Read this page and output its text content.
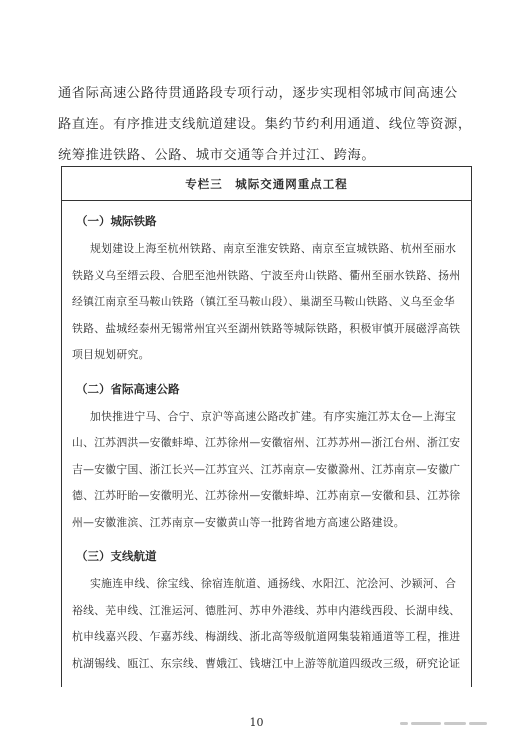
通省际高速公路待贯通路段专项行动，逐步实现相邻城市间高速公

路直连。有序推进支线航道建设。集约节约利用通道、线位等资源，

统筹推进铁路、公路、城市交通等合并过江、跨海。

专栏三　城际交通网重点工程
（一）城际铁路
规划建设上海至杭州铁路、南京至淮安铁路、南京至宣城铁路、杭州至丽水
铁路义乌至缙云段、合肥至池州铁路、宁波至舟山铁路、衢州至丽水铁路、扬州
经镇江南京至马鞍山铁路（镇江至马鞍山段）、巢湖至马鞍山铁路、义乌至金华
铁路、盐城经泰州无锡常州宜兴至湖州铁路等城际铁路，积极审慎开展磁浮高铁
项目规划研究。
（二）省际高速公路
加快推进宁马、合宁、京沪等高速公路改扩建。有序实施江苏太仓—上海宝
山、江苏泗洪—安徽蚌埠、江苏徐州—安徽宿州、江苏苏州—浙江台州、浙江安
吉—安徽宁国、浙江长兴—江苏宜兴、江苏南京—安徽滁州、江苏南京—安徽广
德、江苏盱眙—安徽明光、江苏徐州—安徽蚌埠、江苏南京—安徽和县、江苏徐
州—安徽淮滨、江苏南京—安徽黄山等一批跨省地方高速公路建设。
（三）支线航道
实施连申线、徐宝线、徐宿连航道、通扬线、水阳江、沱浍河、沙颍河、合
裕线、芜申线、江淮运河、德胜河、苏申外港线、苏申内港线西段、长湖申线、
杭申线嘉兴段、乍嘉苏线、梅湖线、浙北高等级航道网集装箱通道等工程，推进
杭湖锡线、瓯江、东宗线、曹娥江、钱塘江中上游等航道四级改三级，研究论证
10
